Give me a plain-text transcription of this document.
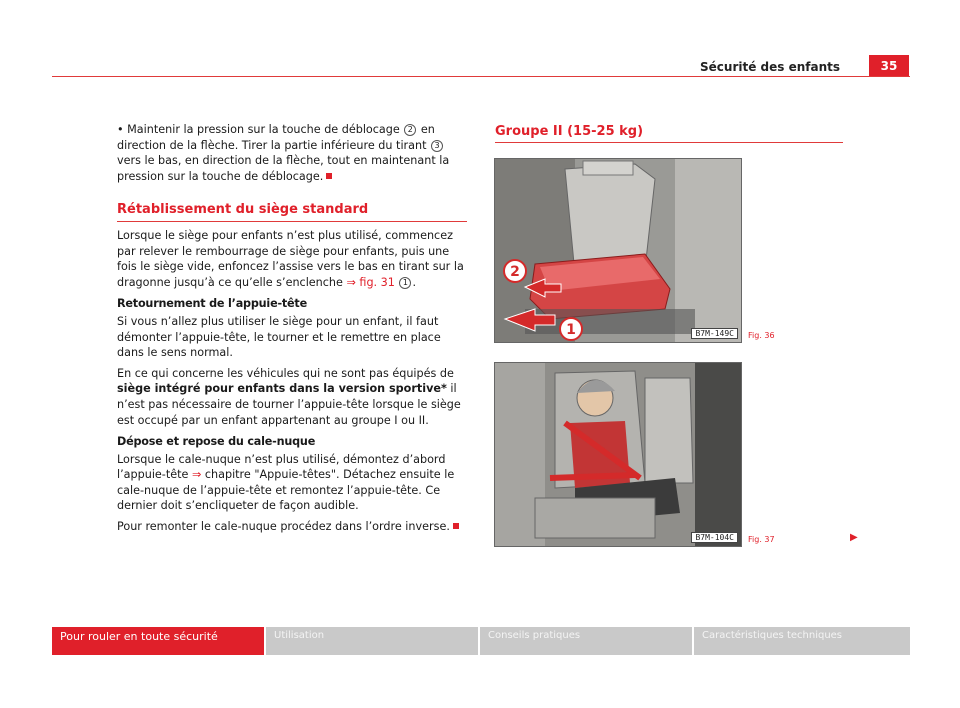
Sécurité des enfants	35

• Maintenir la pression sur la touche de déblocage 2 en direction de la flèche. Tirer la partie inférieure du tirant 3 vers le bas, en direction de la flèche, tout en maintenant la pression sur la touche de déblocage.

Rétablissement du siège standard

Lorsque le siège pour enfants n’est plus utilisé, commencez par relever le rembourrage de siège pour enfants, puis une fois le siège vide, enfoncez l’assise vers le bas en tirant sur la dragonne jusqu’à ce qu’elle s’enclenche ⇒ fig. 31 1 .

Retournement de l’appuie-tête

Si vous n’allez plus utiliser le siège pour un enfant, il faut démonter l’appuie-tête, le tourner et le remettre en place dans le sens normal.

En ce qui concerne les véhicules qui ne sont pas équipés de siège intégré pour enfants dans la version sportive* il n’est pas nécessaire de tourner l’appuie-tête lorsque le siège est occupé par un enfant appartenant au groupe I ou II.

Dépose et repose du cale-nuque

Lorsque le cale-nuque n’est plus utilisé, démontez d’abord l’appuie-tête ⇒ chapitre "Appuie-têtes". Détachez ensuite le cale-nuque de l’appuie-tête et remontez l’appuie-tête. Ce dernier doit s’encliqueter de façon audible.

Pour remonter le cale-nuque procédez dans l’ordre inverse.

Groupe II (15-25 kg)
2
1	B7M-149C	Fig. 36
B7M-104C	Fig. 37	▶
Pour rouler en toute sécurité	Utilisation	Conseils pratiques	Caractéristiques techniques
